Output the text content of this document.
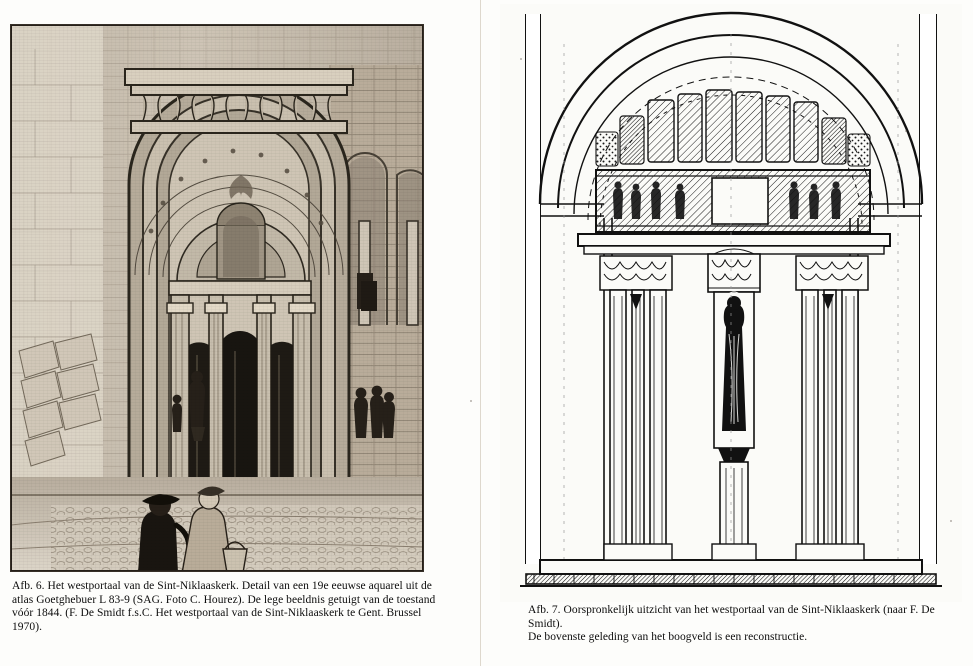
Afb. 6. Het westportaal van de Sint-Niklaaskerk. Detail van een 19e eeuwse aquarel uit de atlas Goetghebuer L 83-9 (SAG. Foto C. Hourez). De lege beeldnis getuigt van de toestand vóór 1844. (F. De Smidt f.s.C. Het westportaal van de Sint-Niklaaskerk te Gent. Brussel 1970).
Afb. 7. Oorspronkelijk uitzicht van het westportaal van de Sint-Niklaaskerk (naar F. De Smidt).
De bovenste geleding van het boogveld is een reconstructie.
